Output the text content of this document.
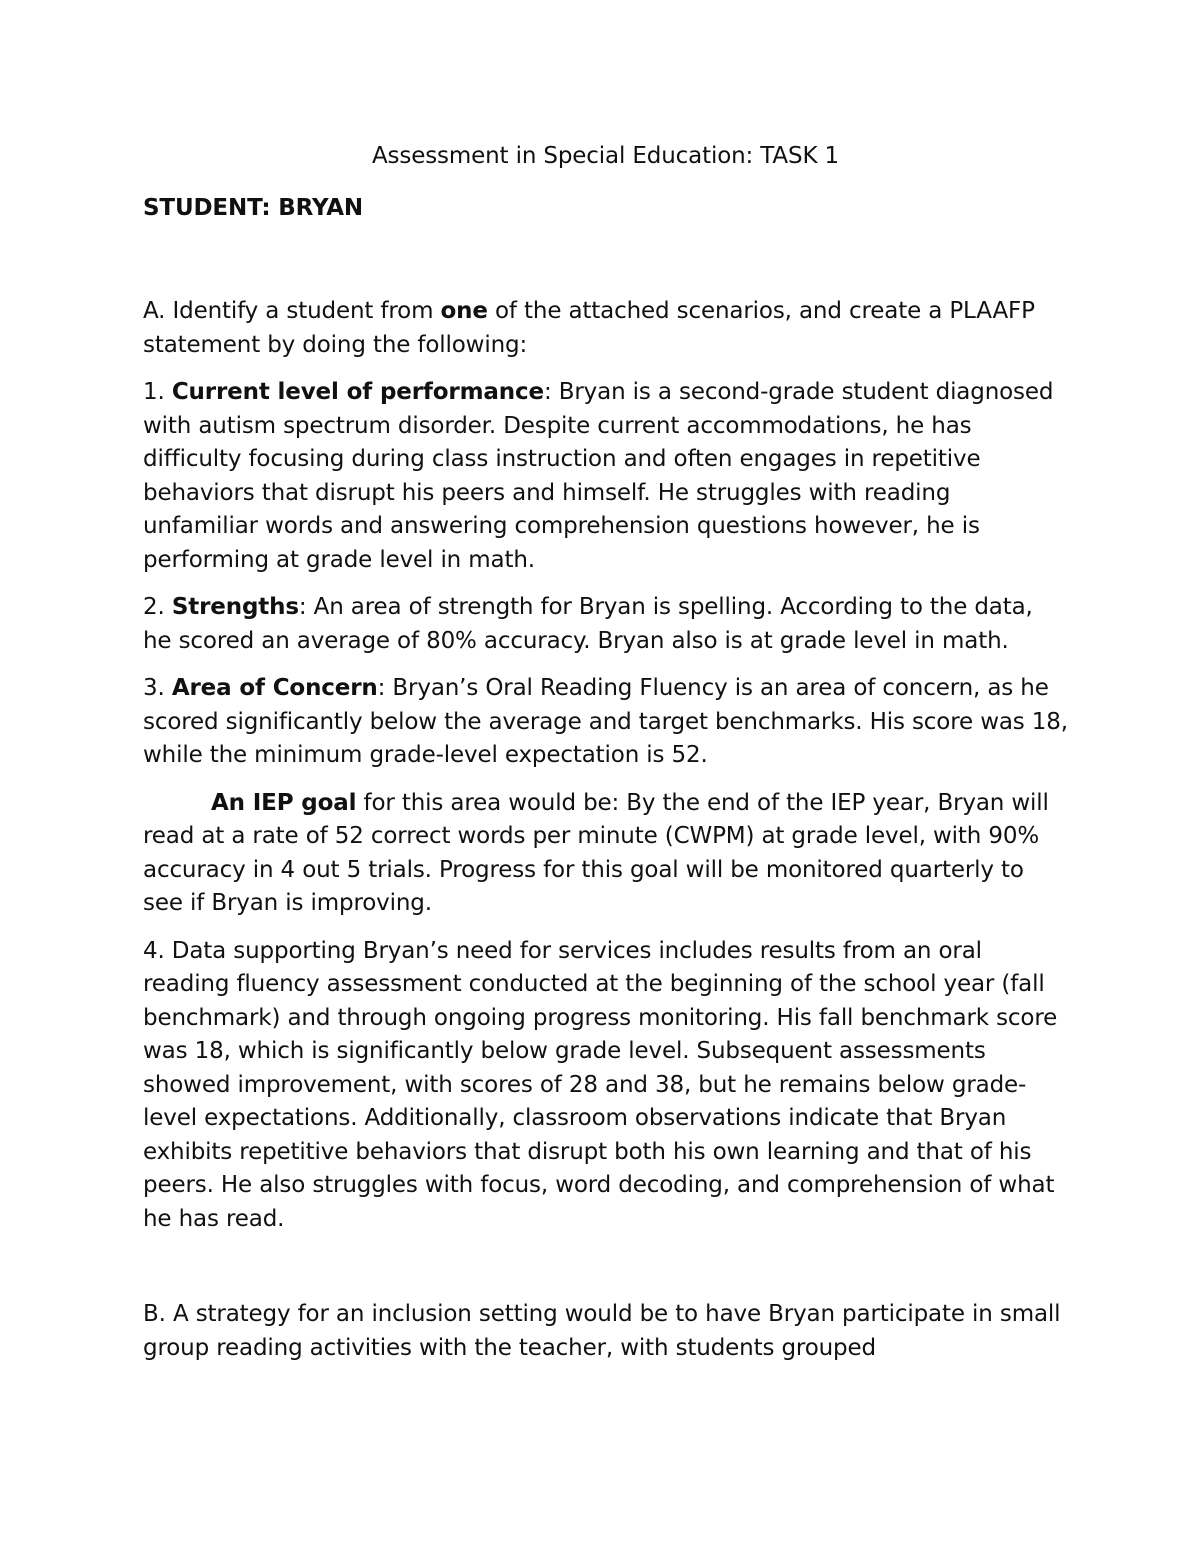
Assessment in Special Education: TASK 1
STUDENT: BRYAN

A. Identify a student from one of the attached scenarios, and create a PLAAFP statement by doing the following:

1. Current level of performance: Bryan is a second-grade student diagnosed with autism spectrum disorder. Despite current accommodations, he has difficulty focusing during class instruction and often engages in repetitive behaviors that disrupt his peers and himself. He struggles with reading unfamiliar words and answering comprehension questions however, he is performing at grade level in math.

2. Strengths: An area of strength for Bryan is spelling. According to the data, he scored an average of 80% accuracy. Bryan also is at grade level in math.

3. Area of Concern: Bryan’s Oral Reading Fluency is an area of concern, as he scored significantly below the average and target benchmarks. His score was 18, while the minimum grade-level expectation is 52.

An IEP goal for this area would be: By the end of the IEP year, Bryan will read at a rate of 52 correct words per minute (CWPM) at grade level, with 90% accuracy in 4 out 5 trials. Progress for this goal will be monitored quarterly to see if Bryan is improving.

4. Data supporting Bryan’s need for services includes results from an oral reading fluency assessment conducted at the beginning of the school year (fall benchmark) and through ongoing progress monitoring. His fall benchmark score was 18, which is significantly below grade level. Subsequent assessments showed improvement, with scores of 28 and 38, but he remains below grade-level expectations. Additionally, classroom observations indicate that Bryan exhibits repetitive behaviors that disrupt both his own learning and that of his peers. He also struggles with focus, word decoding, and comprehension of what he has read.

B. A strategy for an inclusion setting would be to have Bryan participate in small group reading activities with the teacher, with students grouped
